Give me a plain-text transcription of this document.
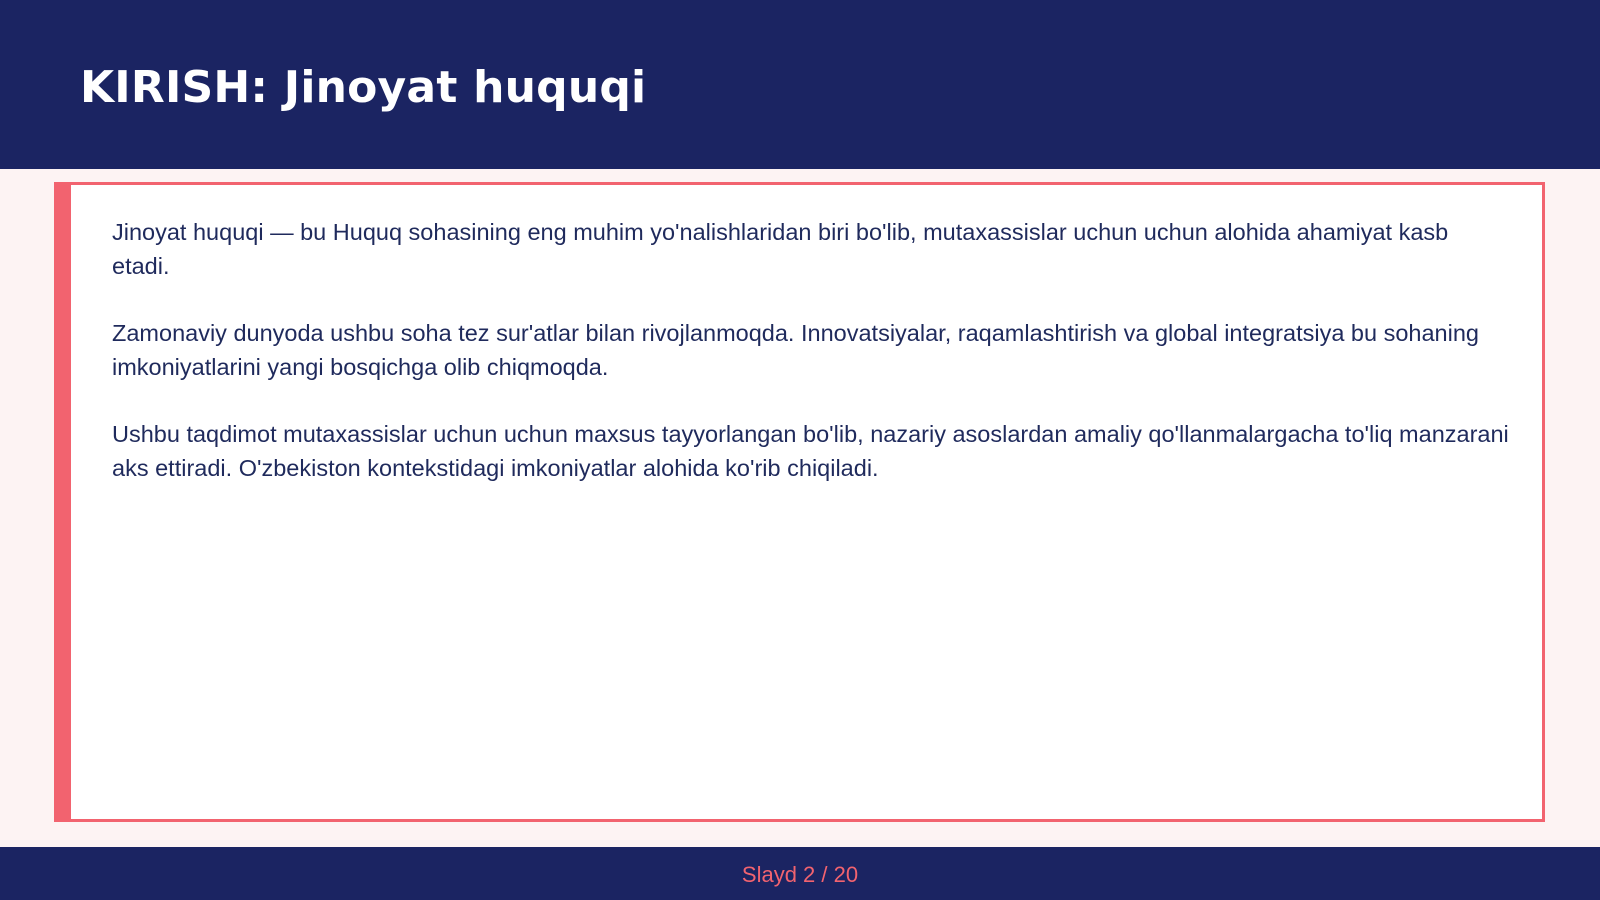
KIRISH: Jinoyat huquqi

Jinoyat huquqi — bu Huquq sohasining eng muhim yo'nalishlaridan biri bo'lib, mutaxassislar uchun uchun alohida ahamiyat kasb etadi.

Zamonaviy dunyoda ushbu soha tez sur'atlar bilan rivojlanmoqda. Innovatsiyalar, raqamlashtirish va global integratsiya bu sohaning imkoniyatlarini yangi bosqichga olib chiqmoqda.

Ushbu taqdimot mutaxassislar uchun uchun maxsus tayyorlangan bo'lib, nazariy asoslardan amaliy qo'llanmalargacha to'liq manzarani aks ettiradi. O'zbekiston kontekstidagi imkoniyatlar alohida ko'rib chiqiladi.

Slayd 2 / 20
